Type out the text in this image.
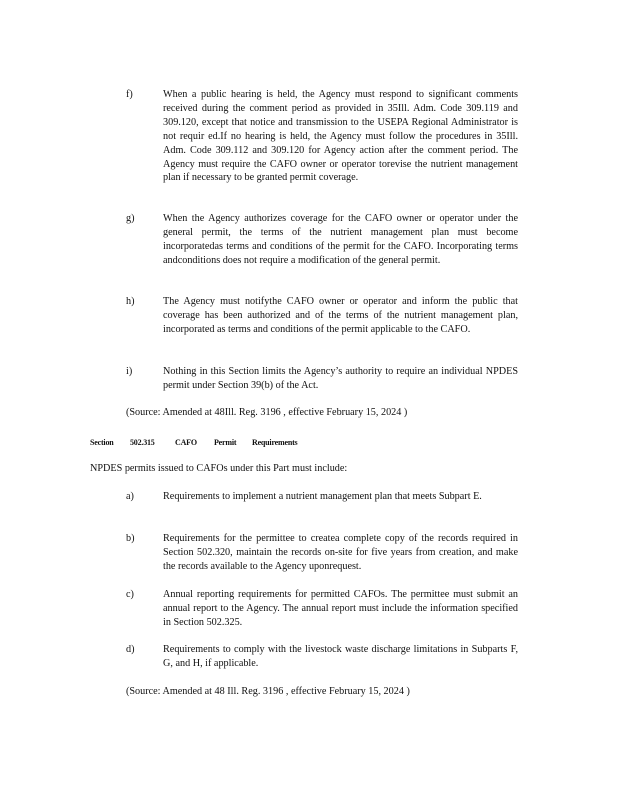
f)	When a public hearing is held, the Agency must respond to significant comments received during the comment period as provided in 35Ill. Adm. Code 309.119 and 309.120, except that notice and transmission to the USEPA Regional Administrator is not requir ed.If no hearing is held, the Agency must follow the procedures in 35Ill. Adm. Code 309.112 and 309.120 for Agency action after the comment period. The Agency must require the CAFO owner or operator torevise the nutrient management plan if necessary to be granted permit coverage.
g)	When the Agency authorizes coverage for the CAFO owner or operator under the general permit, the terms of the nutrient management plan must become incorporatedas terms and conditions of the permit for the CAFO. Incorporating terms andconditions does not require a modification of the general permit.
h)	The Agency must notifythe CAFO owner or operator and inform the public that coverage has been authorized and of the terms of the nutrient management plan, incorporated as terms and conditions of the permit applicable to the CAFO.
i)	Nothing in this Section limits the Agency’s authority to require an individual NPDES permit under Section 39(b) of the Act.
(Source: Amended at 48Ill. Reg. 3196 , effective February 15, 2024 )
Section 502.315	CAFO Permit Requirements
NPDES permits issued to CAFOs under this Part must include:
a)	Requirements to implement a nutrient management plan that meets Subpart E.
b)	Requirements for the permittee to createa complete copy of the records required in Section 502.320, maintain the records on-site for five years from creation, and make the records available to the Agency uponrequest.
c)	Annual reporting requirements for permitted CAFOs. The permittee must submit an annual report to the Agency. The annual report must include the information specified in Section 502.325.
d)	Requirements to comply with the livestock waste discharge limitations in Subparts F, G, and H, if applicable.
(Source: Amended at 48 Ill. Reg. 3196 , effective February 15, 2024 )
